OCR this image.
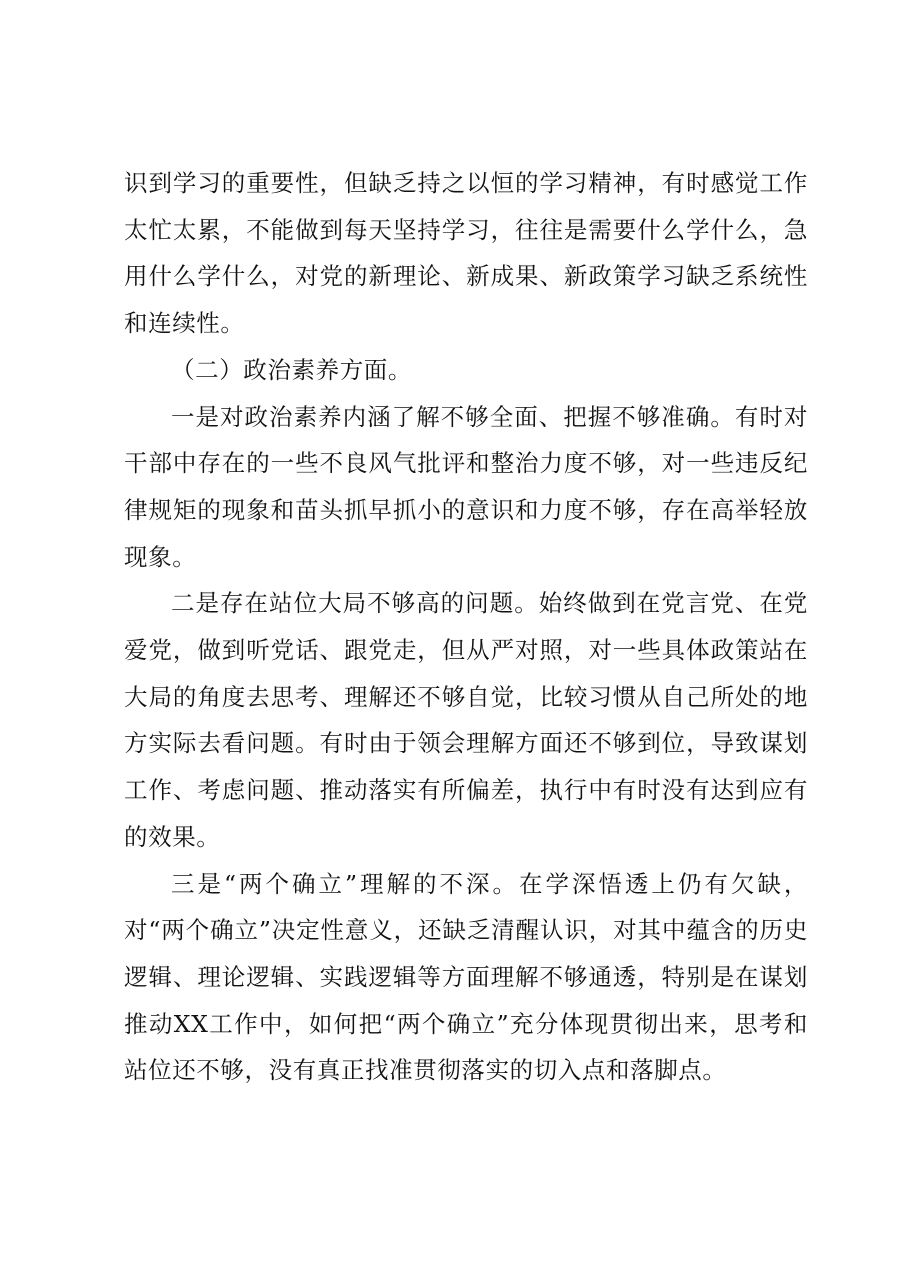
识到学习的重要性，但缺乏持之以恒的学习精神，有时感觉工作太忙太累，不能做到每天坚持学习，往往是需要什么学什么，急用什么学什么，对党的新理论、新成果、新政策学习缺乏系统性和连续性。

（二）政治素养方面。

一是对政治素养内涵了解不够全面、把握不够准确。有时对干部中存在的一些不良风气批评和整治力度不够，对一些违反纪律规矩的现象和苗头抓早抓小的意识和力度不够，存在高举轻放现象。

二是存在站位大局不够高的问题。始终做到在党言党、在党爱党，做到听党话、跟党走，但从严对照，对一些具体政策站在大局的角度去思考、理解还不够自觉，比较习惯从自己所处的地方实际去看问题。有时由于领会理解方面还不够到位，导致谋划工作、考虑问题、推动落实有所偏差，执行中有时没有达到应有的效果。

三是“两个确立”理解的不深。在学深悟透上仍有欠缺，对“两个确立”决定性意义，还缺乏清醒认识，对其中蕴含的历史逻辑、理论逻辑、实践逻辑等方面理解不够通透，特别是在谋划推动XX工作中，如何把“两个确立”充分体现贯彻出来，思考和站位还不够，没有真正找准贯彻落实的切入点和落脚点。
